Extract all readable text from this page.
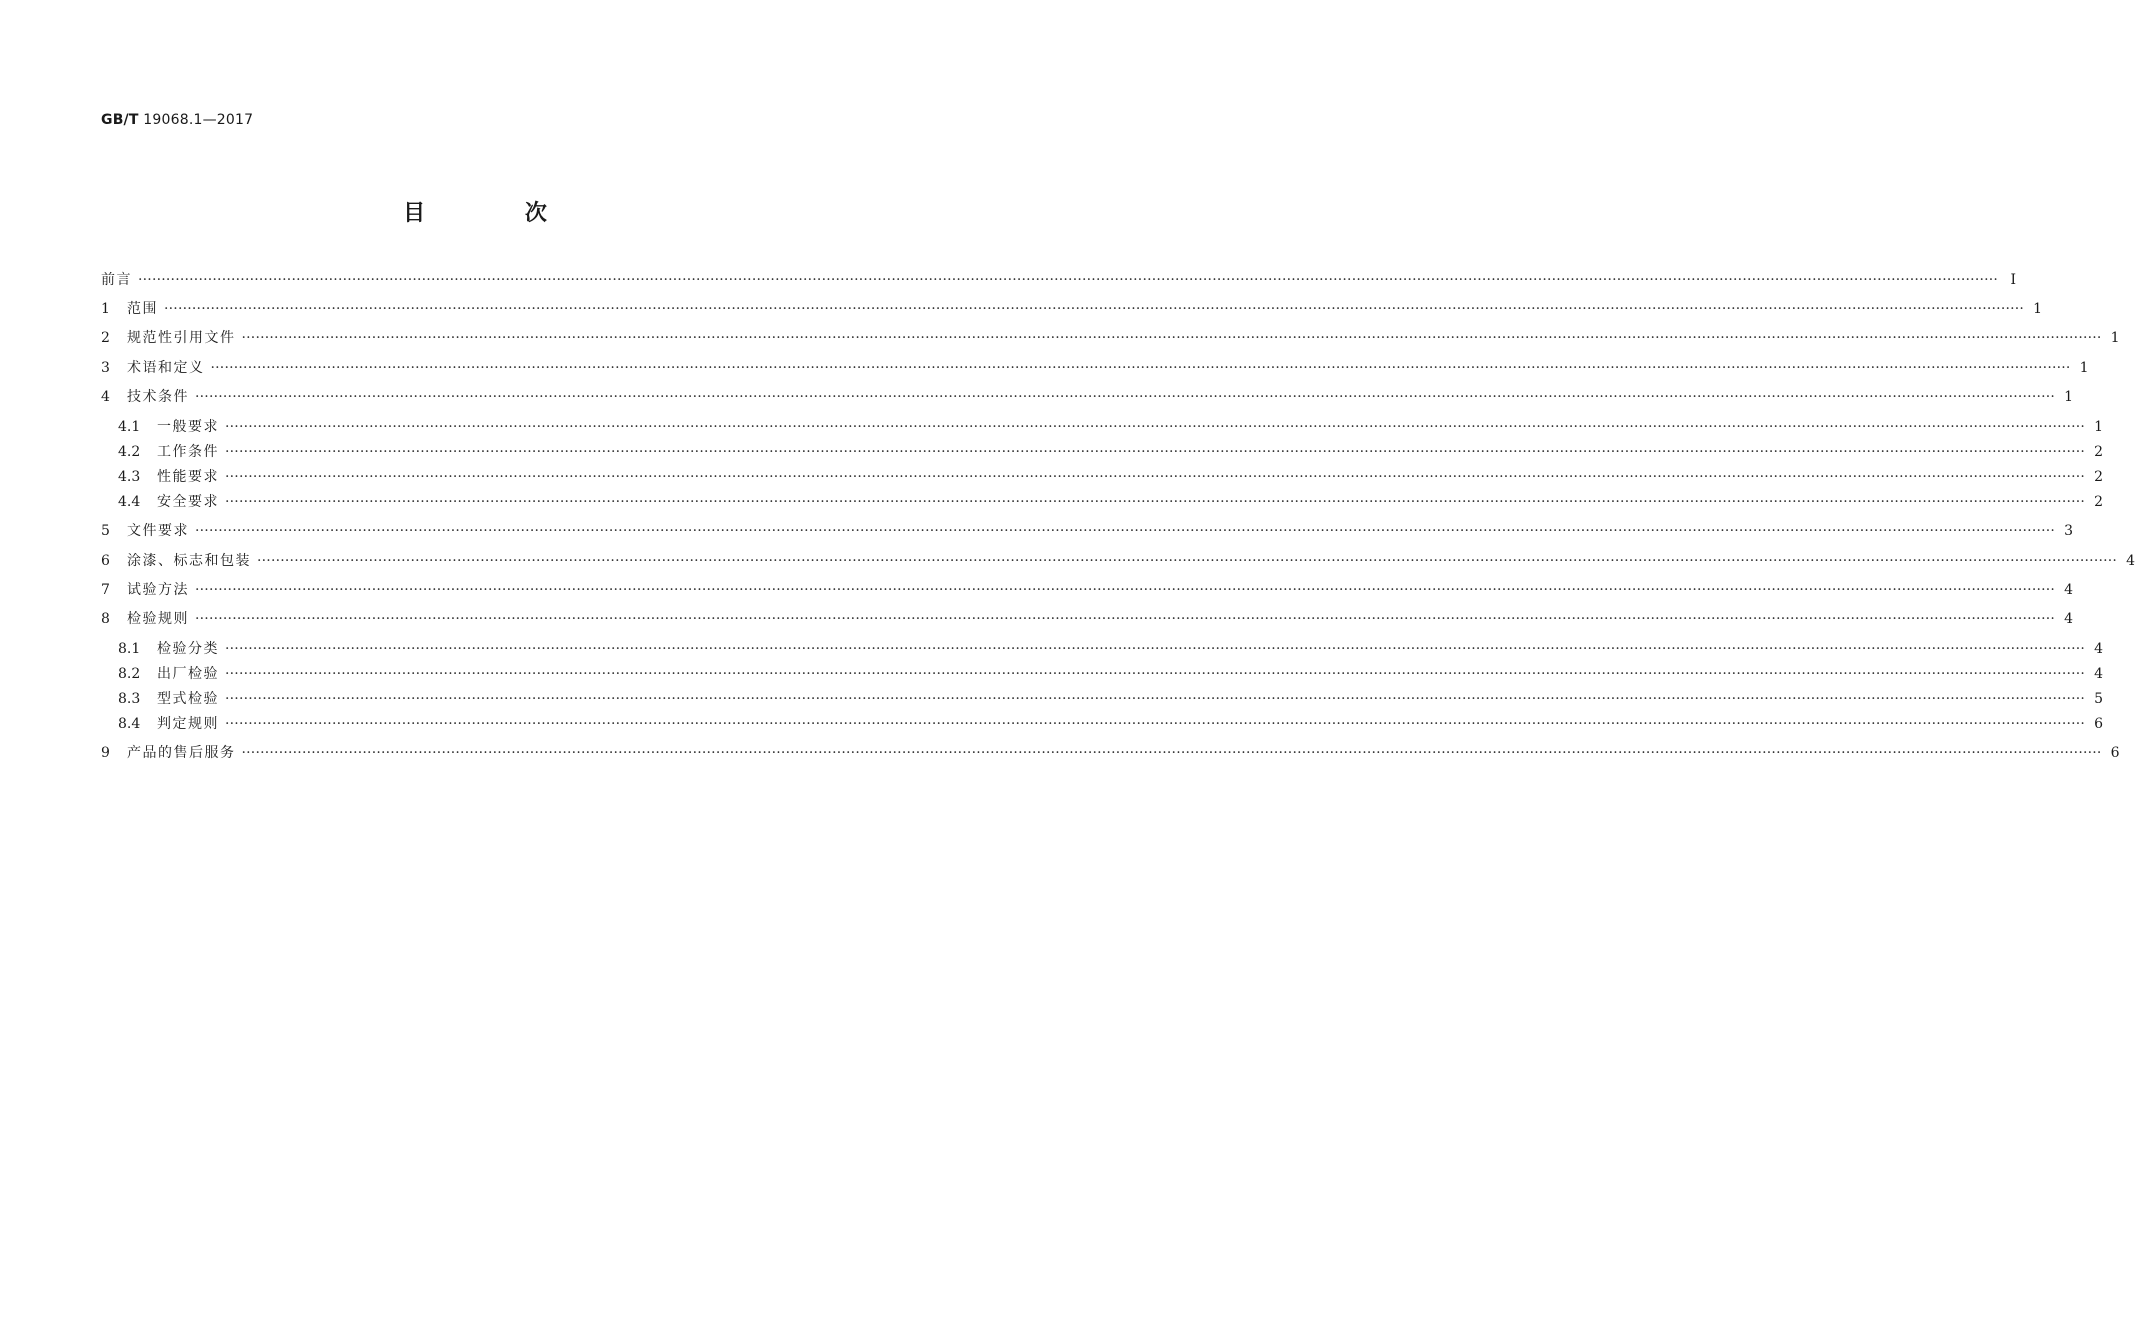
GB/T 19068.1—2017
目 次
前言 ················································································································································································································································································································································································································ Ⅰ
1	范围 ················································································································································································································································································································································································································ 1
2	规范性引用文件 ················································································································································································································································································································································································································ 1
3	术语和定义 ················································································································································································································································································································································································································ 1
4	技术条件 ················································································································································································································································································································································································································ 1
4.1	一般要求 ················································································································································································································································································································································································································ 1
4.2	工作条件 ················································································································································································································································································································································································································ 2
4.3	性能要求 ················································································································································································································································································································································································································ 2
4.4	安全要求 ················································································································································································································································································································································································································ 2
5	文件要求 ················································································································································································································································································································································································································ 3
6	涂漆、标志和包装 ················································································································································································································································································································································································································ 4
7	试验方法 ················································································································································································································································································································································································································ 4
8	检验规则 ················································································································································································································································································································································································································ 4
8.1	检验分类 ················································································································································································································································································································································································································ 4
8.2	出厂检验 ················································································································································································································································································································································································································ 4
8.3	型式检验 ················································································································································································································································································································································································································ 5
8.4	判定规则 ················································································································································································································································································································································································································ 6
9	产品的售后服务 ················································································································································································································································································································································································································ 6
